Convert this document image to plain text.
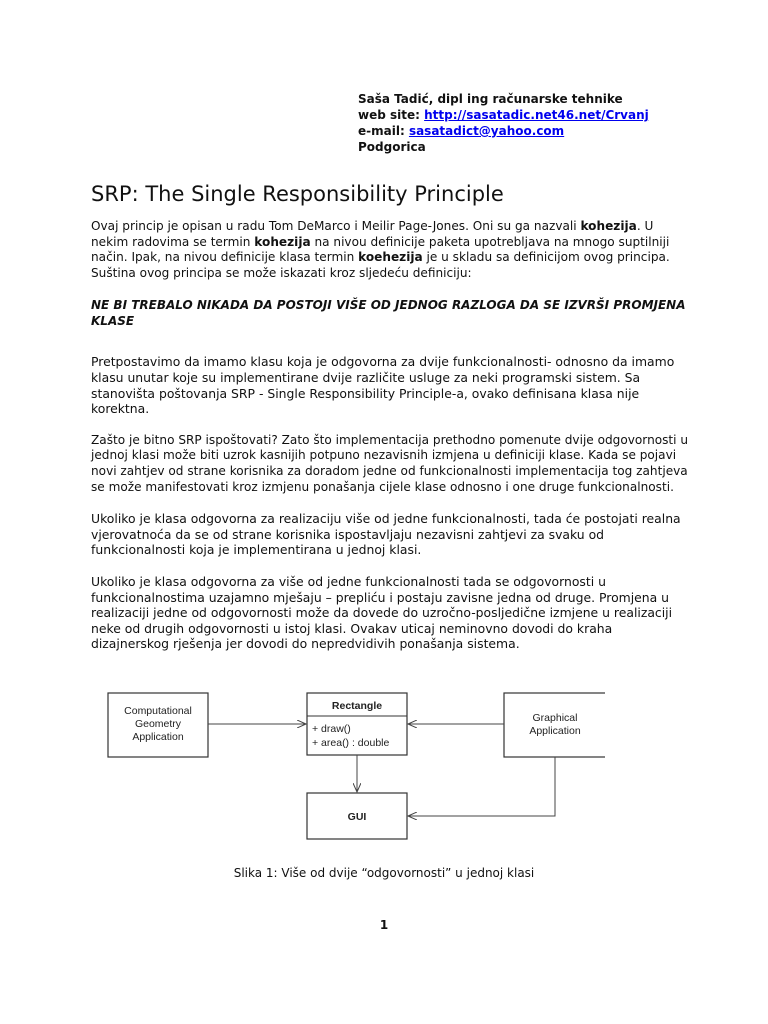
Saša Tadić, dipl ing računarske tehnike
web site: http://sasatadic.net46.net/Crvanj
e-mail: sasatadict@yahoo.com
Podgorica
SRP: The Single Responsibility Principle

Ovaj princip je opisan u radu Tom DeMarco i Meilir Page-Jones. Oni su ga nazvali kohezija. U nekim radovima se termin kohezija na nivou definicije paketa upotrebljava na mnogo suptilniji način. Ipak, na nivou definicije klasa termin koehezija je u skladu sa definicijom ovog principa. Suština ovog principa se može iskazati kroz sljedeću definiciju:

NE BI TREBALO NIKADA DA POSTOJI VIŠE OD JEDNOG RAZLOGA DA SE IZVRŠI PROMJENA KLASE

Pretpostavimo da imamo klasu koja je odgovorna za dvije funkcionalnosti- odnosno da imamo klasu unutar koje su implementirane dvije različite usluge za neki programski sistem. Sa stanovišta poštovanja SRP - Single Responsibility Principle-a, ovako definisana klasa nije korektna.

Zašto je bitno SRP ispoštovati? Zato što implementacija prethodno pomenute dvije odgovornosti u jednoj klasi može biti uzrok kasnijih potpuno nezavisnih izmjena u definiciji klase. Kada se pojavi novi zahtjev od strane korisnika za doradom jedne od funkcionalnosti implementacija tog zahtjeva se može manifestovati kroz izmjenu ponašanja cijele klase odnosno i one druge funkcionalnosti.

Ukoliko je klasa odgovorna za realizaciju više od jedne funkcionalnosti, tada će postojati realna vjerovatnoća da se od strane korisnika ispostavljaju nezavisni zahtjevi za svaku od funkcionalnosti koja je implementirana u jednoj klasi.

Ukoliko je klasa odgovorna za više od jedne funkcionalnosti tada se odgovornosti u funkcionalnostima uzajamno mješaju – prepliću i postaju zavisne jedna od druge. Promjena u realizaciji jedne od odgovornosti može da dovede do uzročno-posljedične izmjene u realizaciji neke od drugih odgovornosti u istoj klasi. Ovakav uticaj neminovno dovodi do kraha dizajnerskog rješenja jer dovodi do nepredvidivih ponašanja sistema.

Computational
Geometry
Application
Rectangle
+ draw()
+ area() : double
Graphical
Application
GUI
Slika 1: Više od dvije “odgovornosti” u jednoj klasi
1
